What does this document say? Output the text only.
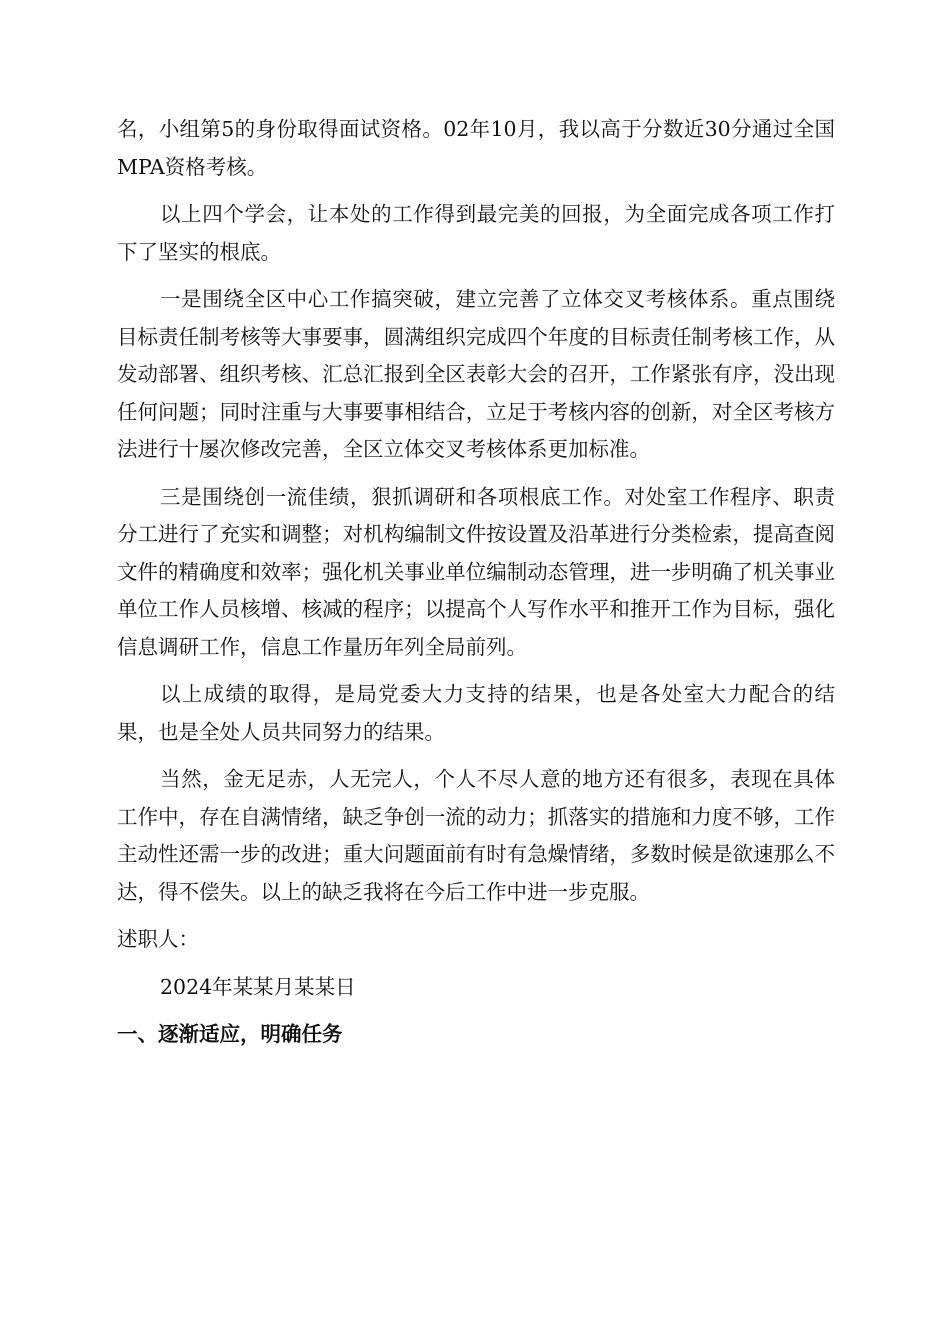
名，小组第5的身份取得面试资格。02年10月，我以高于分数近30分通过全国MPA资格考核。

以上四个学会，让本处的工作得到最完美的回报，为全面完成各项工作打下了坚实的根底。

一是围绕全区中心工作搞突破，建立完善了立体交叉考核体系。重点围绕目标责任制考核等大事要事，圆满组织完成四个年度的目标责任制考核工作，从发动部署、组织考核、汇总汇报到全区表彰大会的召开，工作紧张有序，没出现任何问题；同时注重与大事要事相结合，立足于考核内容的创新，对全区考核方法进行十屡次修改完善，全区立体交叉考核体系更加标准。

三是围绕创一流佳绩，狠抓调研和各项根底工作。对处室工作程序、职责分工进行了充实和调整；对机构编制文件按设置及沿革进行分类检索，提高查阅文件的精确度和效率；强化机关事业单位编制动态管理，进一步明确了机关事业单位工作人员核增、核减的程序；以提高个人写作水平和推开工作为目标，强化信息调研工作，信息工作量历年列全局前列。

以上成绩的取得，是局党委大力支持的结果，也是各处室大力配合的结果，也是全处人员共同努力的结果。

当然，金无足赤，人无完人，个人不尽人意的地方还有很多，表现在具体工作中，存在自满情绪，缺乏争创一流的动力；抓落实的措施和力度不够，工作主动性还需一步的改进；重大问题面前有时有急燥情绪，多数时候是欲速那么不达，得不偿失。以上的缺乏我将在今后工作中进一步克服。

述职人：

2024年某某月某某日

一、逐渐适应，明确任务
